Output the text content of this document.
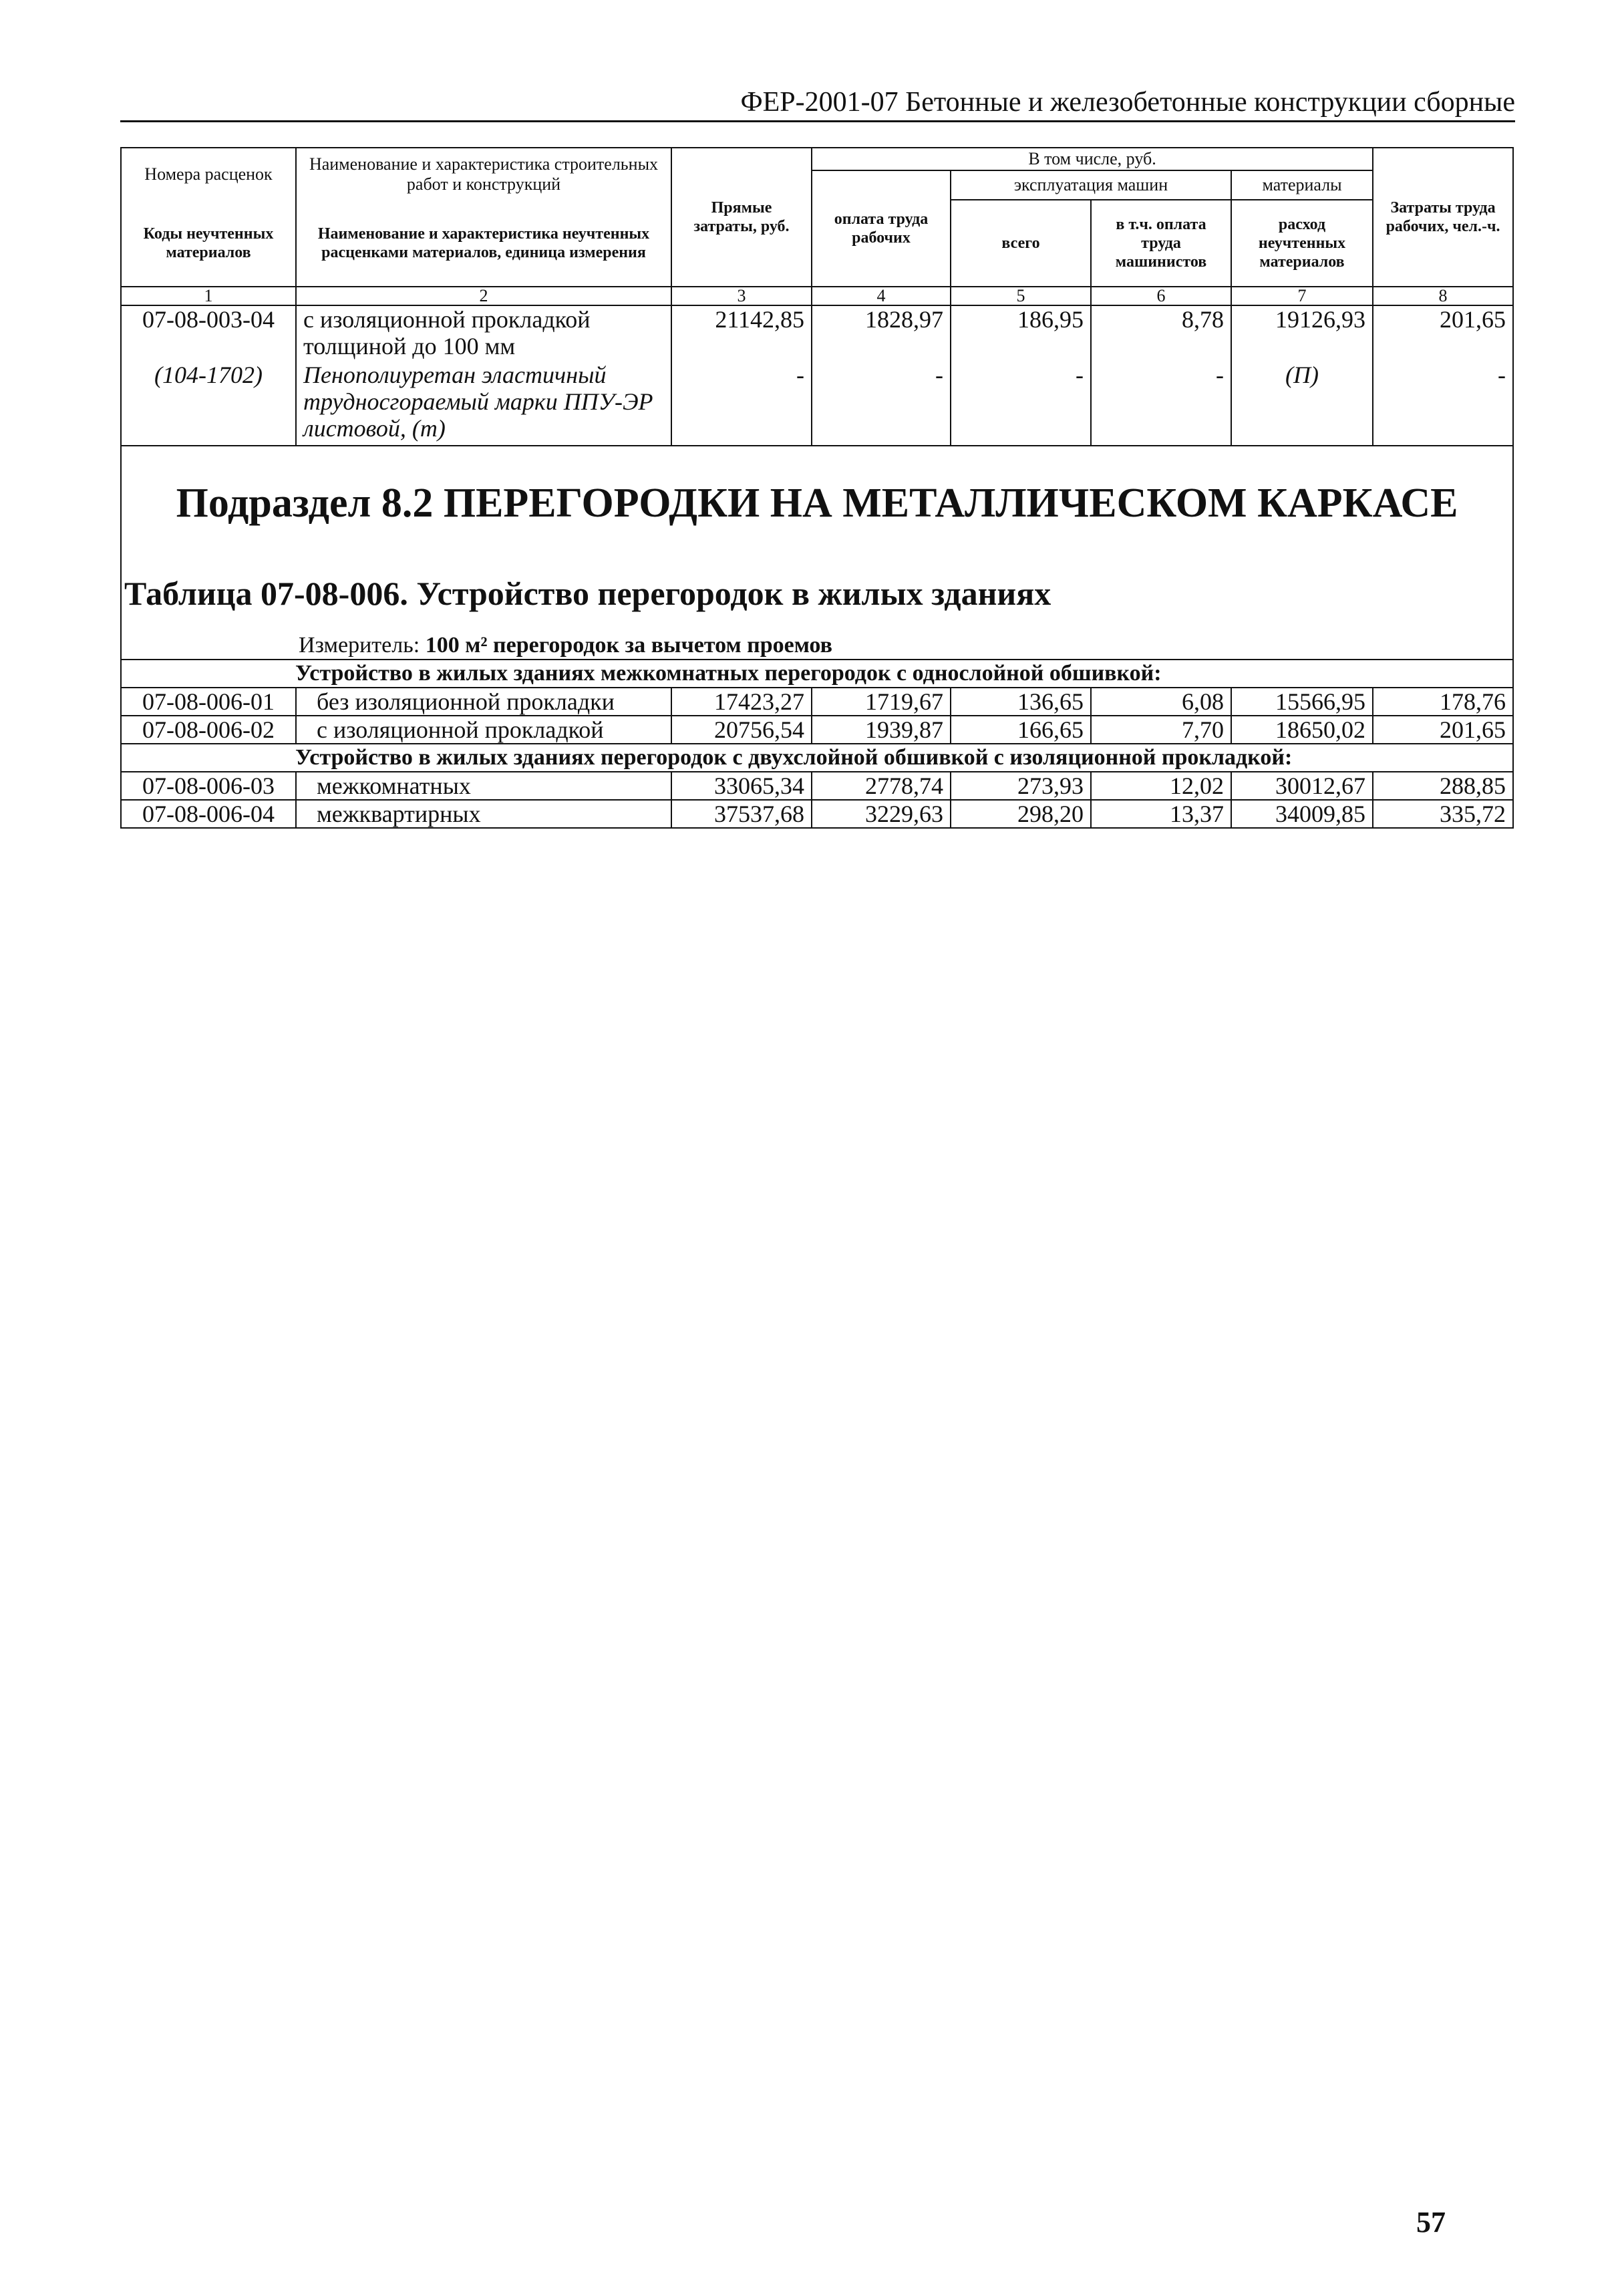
ФЕР-2001-07 Бетонные и железобетонные конструкции сборные
Номера расценок	Наименование и характеристика строительных работ и конструкций	Прямые затраты, руб.	В том числе, руб.				Затраты труда рабочих, чел.-ч.
			оплата труда рабочих	эксплуатация машин		материалы	
Коды неучтенных материалов	Наименование и характеристика неучтенных расценками материалов, единица измерения			всего	в т.ч. оплата труда машинистов	расход неучтенных материалов	

1	2	3	4	5	6	7	8
07-08-003-04	с изоляционной прокладкой толщиной до 100 мм	21142,85	1828,97	186,95	8,78	19126,93	201,65
(104-1702)	Пенополиуретан эластичный трудносгораемый марки ППУ-ЭР листовой, (т)	-	-	-	-	(П)	-

Подраздел 8.2 ПЕРЕГОРОДКИ НА МЕТАЛЛИЧЕСКОМ КАРКАСЕ
Таблица 07-08-006. Устройство перегородок в жилых зданиях
Измеритель: 100 м² перегородок за вычетом проемов							

Устройство в жилых зданиях межкомнатных перегородок с однослойной обшивкой:							
07-08-006-01	без изоляционной прокладки	17423,27	1719,67	136,65	6,08	15566,95	178,76
07-08-006-02	с изоляционной прокладкой	20756,54	1939,87	166,65	7,70	18650,02	201,65
Устройство в жилых зданиях перегородок с двухслойной обшивкой с изоляционной прокладкой:							
07-08-006-03	межкомнатных	33065,34	2778,74	273,93	12,02	30012,67	288,85
07-08-006-04	межквартирных	37537,68	3229,63	298,20	13,37	34009,85	335,72
57
